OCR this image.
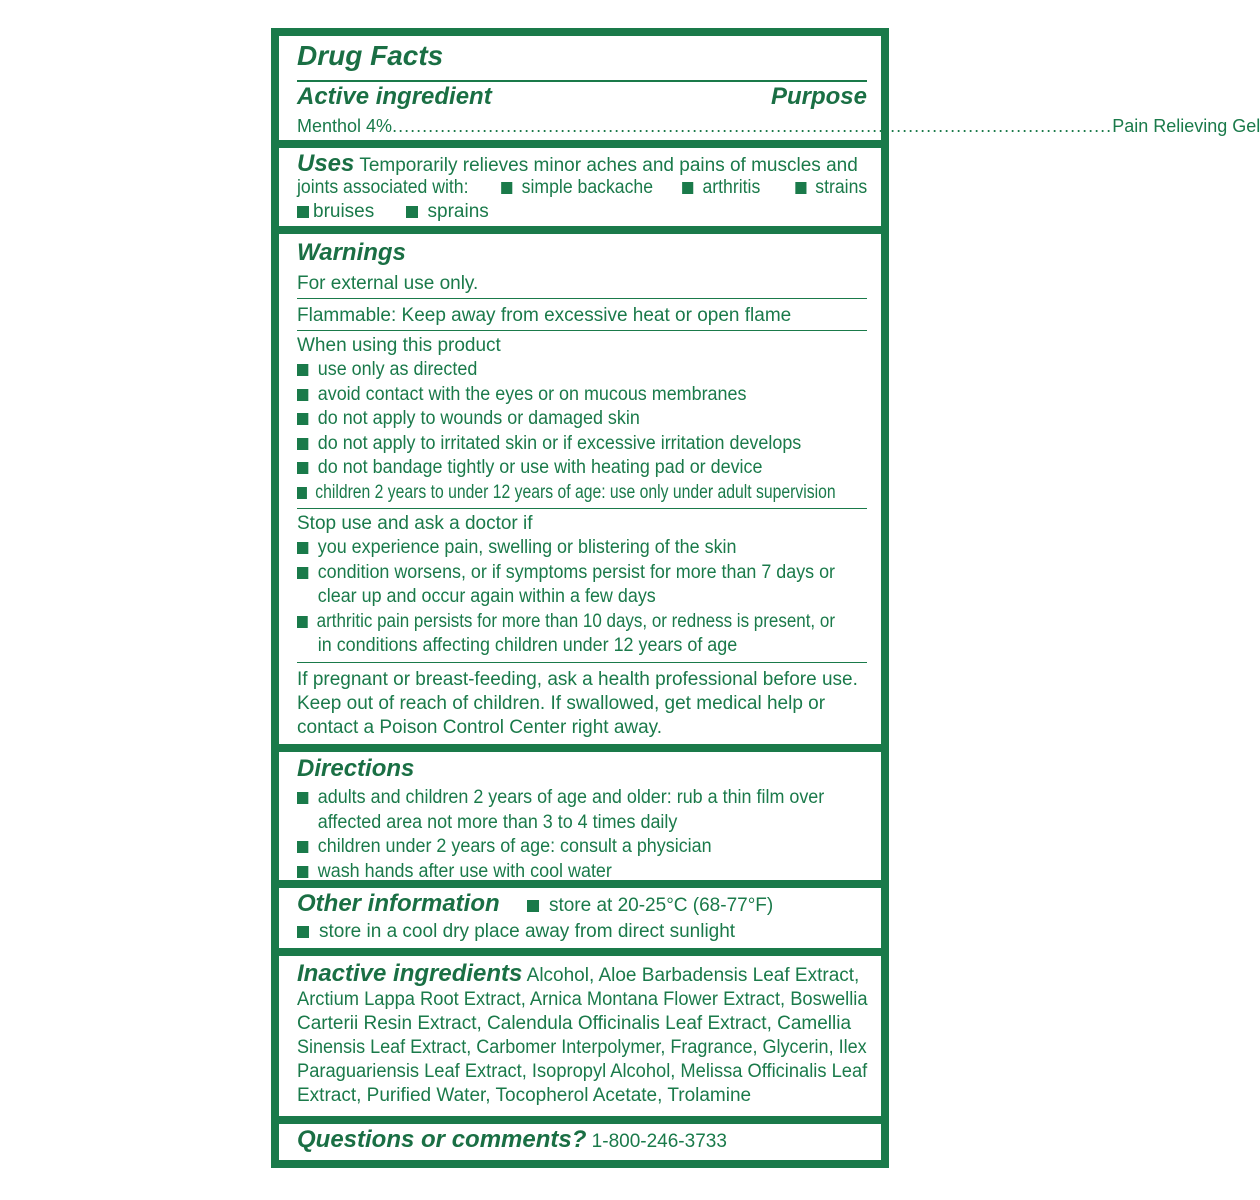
Drug Facts
Active ingredient	Purpose
Menthol 4% ........................................................................................................................ Pain Relieving Gel
Uses Temporarily relieves minor aches and pains of muscles and
joints associated with:	simple backache	arthritis	strains
bruises	sprains
Warnings
For external use only.
Flammable: Keep away from excessive heat or open flame
When using this product
use only as directed
avoid contact with the eyes or on mucous membranes
do not apply to wounds or damaged skin
do not apply to irritated skin or if excessive irritation develops
do not bandage tightly or use with heating pad or device
children 2 years to under 12 years of age: use only under adult supervision
Stop use and ask a doctor if
you experience pain, swelling or blistering of the skin
condition worsens, or if symptoms persist for more than 7 days or
clear up and occur again within a few days
arthritic pain persists for more than 10 days, or redness is present, or
in conditions affecting children under 12 years of age
If pregnant or breast-feeding, ask a health professional before use.
Keep out of reach of children. If swallowed, get medical help or
contact a Poison Control Center right away.
Directions
adults and children 2 years of age and older: rub a thin film over
affected area not more than 3 to 4 times daily
children under 2 years of age: consult a physician
wash hands after use with cool water
Other information	store at 20-25°C (68-77°F)
store in a cool dry place away from direct sunlight
Inactive ingredients Alcohol, Aloe Barbadensis Leaf Extract,
Arctium Lappa Root Extract, Arnica Montana Flower Extract, Boswellia
Carterii Resin Extract, Calendula Officinalis Leaf Extract, Camellia
Sinensis Leaf Extract, Carbomer Interpolymer, Fragrance, Glycerin, Ilex
Paraguariensis Leaf Extract, Isopropyl Alcohol, Melissa Officinalis Leaf
Extract, Purified Water, Tocopherol Acetate, Trolamine
Questions or comments? 1-800-246-3733
